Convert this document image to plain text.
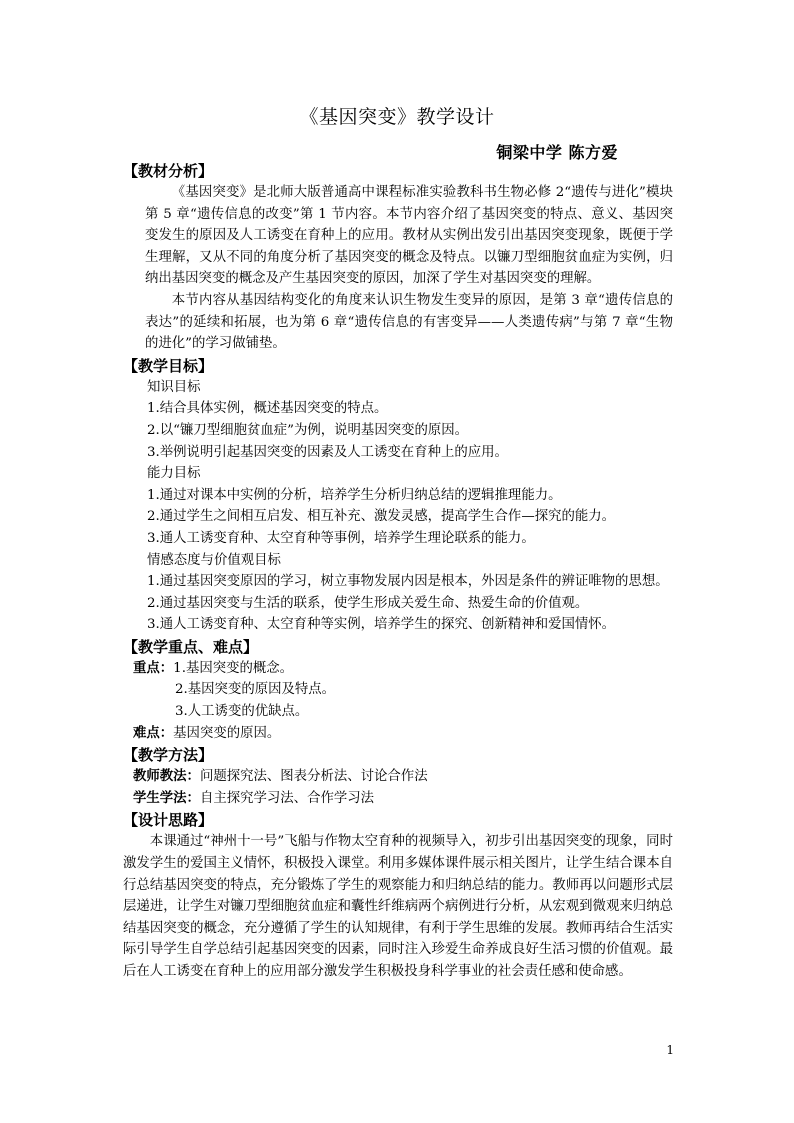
《基因突变》教学设计
铜梁中学 陈方爱
【教材分析】
《基因突变》是北师大版普通高中课程标准实验教科书生物必修 2“遗传与进化”模块第 5 章“遗传信息的改变”第 1 节内容。本节内容介绍了基因突变的特点、意义、基因突变发生的原因及人工诱变在育种上的应用。教材从实例出发引出基因突变现象，既便于学生理解，又从不同的角度分析了基因突变的概念及特点。以镰刀型细胞贫血症为实例，归纳出基因突变的概念及产生基因突变的原因，加深了学生对基因突变的理解。
本节内容从基因结构变化的角度来认识生物发生变异的原因，是第 3 章“遗传信息的表达”的延续和拓展，也为第 6 章“遗传信息的有害变异——人类遗传病”与第 7 章“生物的进化”的学习做铺垫。
【教学目标】
知识目标
1.结合具体实例，概述基因突变的特点。
2.以“镰刀型细胞贫血症”为例，说明基因突变的原因。
3.举例说明引起基因突变的因素及人工诱变在育种上的应用。
能力目标
1.通过对课本中实例的分析，培养学生分析归纳总结的逻辑推理能力。
2.通过学生之间相互启发、相互补充、激发灵感，提高学生合作—探究的能力。
3.通人工诱变育种、太空育种等事例，培养学生理论联系的能力。
情感态度与价值观目标
1.通过基因突变原因的学习，树立事物发展内因是根本，外因是条件的辨证唯物的思想。
2.通过基因突变与生活的联系，使学生形成关爱生命、热爱生命的价值观。
3.通人工诱变育种、太空育种等实例，培养学生的探究、创新精神和爱国情怀。
【教学重点、难点】
重点：1.基因突变的概念。
2.基因突变的原因及特点。
3.人工诱变的优缺点。
难点：基因突变的原因。
【教学方法】
教师教法：问题探究法、图表分析法、讨论合作法
学生学法：自主探究学习法、合作学习法
【设计思路】
本课通过“神州十一号”飞船与作物太空育种的视频导入，初步引出基因突变的现象，同时激发学生的爱国主义情怀，积极投入课堂。利用多媒体课件展示相关图片，让学生结合课本自行总结基因突变的特点，充分锻炼了学生的观察能力和归纳总结的能力。教师再以问题形式层层递进，让学生对镰刀型细胞贫血症和囊性纤维病两个病例进行分析，从宏观到微观来归纳总结基因突变的概念，充分遵循了学生的认知规律，有利于学生思维的发展。教师再结合生活实际引导学生自学总结引起基因突变的因素，同时注入珍爱生命养成良好生活习惯的价值观。最后在人工诱变在育种上的应用部分激发学生积极投身科学事业的社会责任感和使命感。
1
